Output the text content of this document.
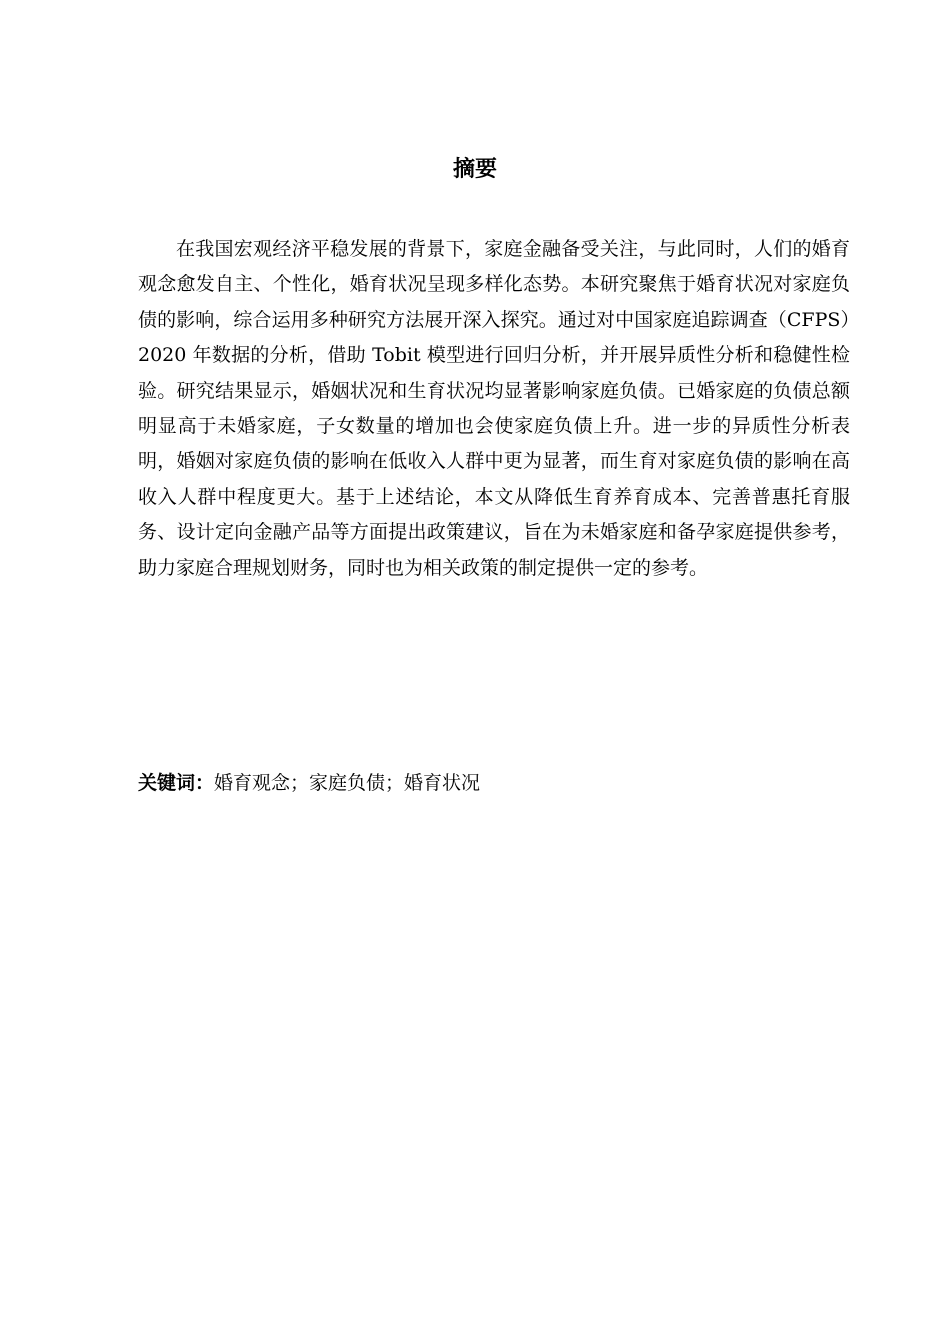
摘要

在我国宏观经济平稳发展的背景下，家庭金融备受关注，与此同时，人们的婚育观念愈发自主、个性化，婚育状况呈现多样化态势。本研究聚焦于婚育状况对家庭负债的影响，综合运用多种研究方法展开深入探究。通过对中国家庭追踪调查（CFPS）2020 年数据的分析，借助 Tobit 模型进行回归分析，并开展异质性分析和稳健性检验。研究结果显示，婚姻状况和生育状况均显著影响家庭负债。已婚家庭的负债总额明显高于未婚家庭，子女数量的增加也会使家庭负债上升。进一步的异质性分析表明，婚姻对家庭负债的影响在低收入人群中更为显著，而生育对家庭负债的影响在高收入人群中程度更大。基于上述结论，本文从降低生育养育成本、完善普惠托育服务、设计定向金融产品等方面提出政策建议，旨在为未婚家庭和备孕家庭提供参考，助力家庭合理规划财务，同时也为相关政策的制定提供一定的参考。

关键词：婚育观念；家庭负债；婚育状况
